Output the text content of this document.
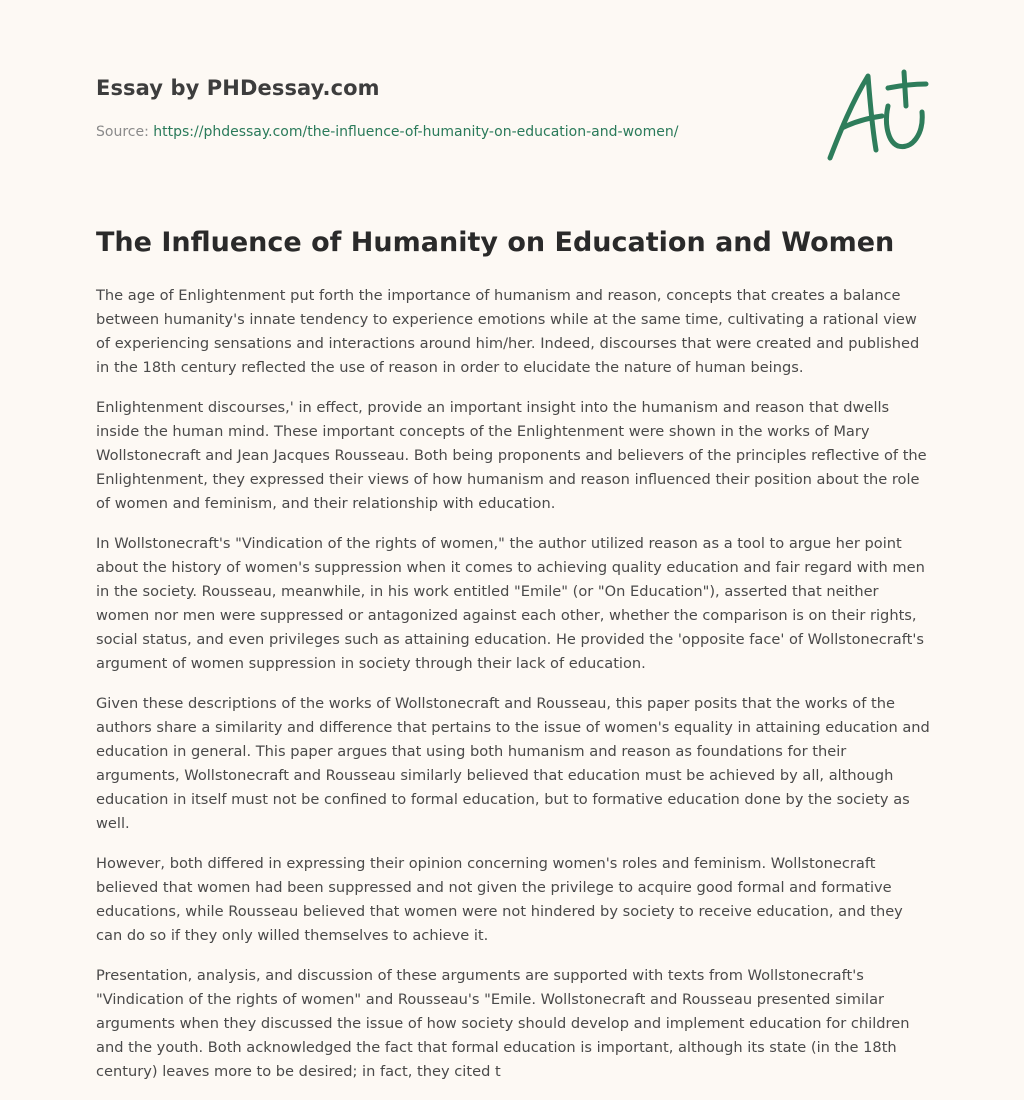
Essay by PHDessay.com
Source: https://phdessay.com/the-influence-of-humanity-on-education-and-women/
The Influence of Humanity on Education and Women

The age of Enlightenment put forth the importance of humanism and reason, concepts that creates a balance between humanity's innate tendency to experience emotions while at the same time, cultivating a rational view of experiencing sensations and interactions around him/her. Indeed, discourses that were created and published in the 18th century reflected the use of reason in order to elucidate the nature of human beings.

Enlightenment discourses,' in effect, provide an important insight into the humanism and reason that dwells inside the human mind. These important concepts of the Enlightenment were shown in the works of Mary Wollstonecraft and Jean Jacques Rousseau. Both being proponents and believers of the principles reflective of the Enlightenment, they expressed their views of how humanism and reason influenced their position about the role of women and feminism, and their relationship with education.

In Wollstonecraft's "Vindication of the rights of women," the author utilized reason as a tool to argue her point about the history of women's suppression when it comes to achieving quality education and fair regard with men in the society. Rousseau, meanwhile, in his work entitled "Emile" (or "On Education"), asserted that neither women nor men were suppressed or antagonized against each other, whether the comparison is on their rights, social status, and even privileges such as attaining education. He provided the 'opposite face' of Wollstonecraft's argument of women suppression in society through their lack of education.

Given these descriptions of the works of Wollstonecraft and Rousseau, this paper posits that the works of the authors share a similarity and difference that pertains to the issue of women's equality in attaining education and education in general. This paper argues that using both humanism and reason as foundations for their arguments, Wollstonecraft and Rousseau similarly believed that education must be achieved by all, although education in itself must not be confined to formal education, but to formative education done by the society as well.

However, both differed in expressing their opinion concerning women's roles and feminism. Wollstonecraft believed that women had been suppressed and not given the privilege to acquire good formal and formative educations, while Rousseau believed that women were not hindered by society to receive education, and they can do so if they only willed themselves to achieve it.

Presentation, analysis, and discussion of these arguments are supported with texts from Wollstonecraft's "Vindication of the rights of women" and Rousseau's "Emile. Wollstonecraft and Rousseau presented similar arguments when they discussed the issue of how society should develop and implement education for children and the youth. Both acknowledged the fact that formal education is important, although its state (in the 18th century) leaves more to be desired; in fact, they cited t
